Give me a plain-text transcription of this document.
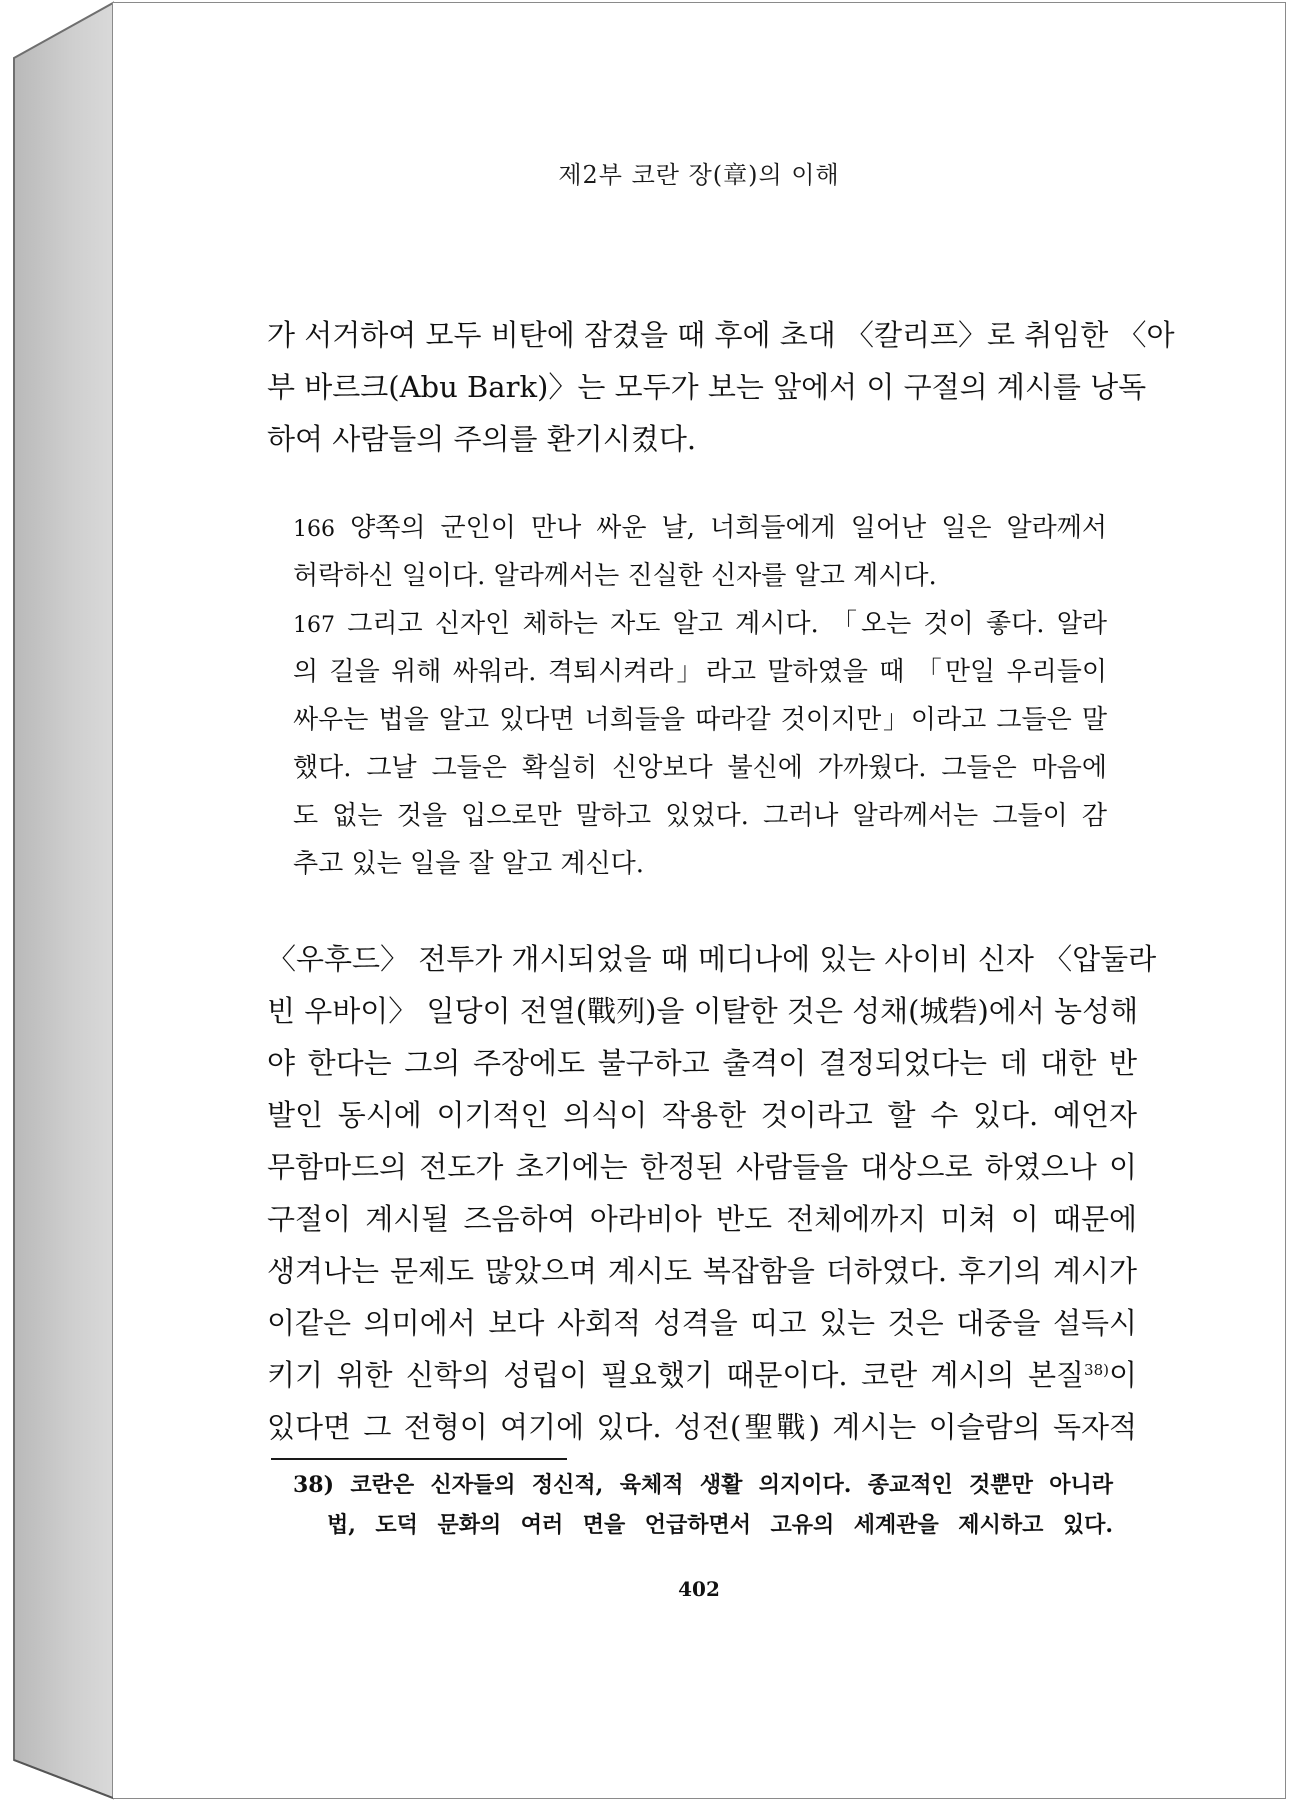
제2부 코란 장(章)의 이해
가 서거하여 모두 비탄에 잠겼을 때 후에 초대 〈칼리프〉로 취임한 〈아
부 바르크(Abu Bark)〉는 모두가 보는 앞에서 이 구절의 계시를 낭독
하여 사람들의 주의를 환기시켰다.
166 양쪽의 군인이 만나 싸운 날, 너희들에게 일어난 일은 알라께서
허락하신 일이다. 알라께서는 진실한 신자를 알고 계시다.
167 그리고 신자인 체하는 자도 알고 계시다. 「오는 것이 좋다. 알라
의 길을 위해 싸워라. 격퇴시켜라」라고 말하였을 때 「만일 우리들이
싸우는 법을 알고 있다면 너희들을 따라갈 것이지만」이라고 그들은 말
했다. 그날 그들은 확실히 신앙보다 불신에 가까웠다. 그들은 마음에
도 없는 것을 입으로만 말하고 있었다. 그러나 알라께서는 그들이 감
추고 있는 일을 잘 알고 계신다.
〈우후드〉 전투가 개시되었을 때 메디나에 있는 사이비 신자 〈압둘라
빈 우바이〉 일당이 전열(戰列)을 이탈한 것은 성채(城砦)에서 농성해
야 한다는 그의 주장에도 불구하고 출격이 결정되었다는 데 대한 반
발인 동시에 이기적인 의식이 작용한 것이라고 할 수 있다. 예언자
무함마드의 전도가 초기에는 한정된 사람들을 대상으로 하였으나 이
구절이 계시될 즈음하여 아라비아 반도 전체에까지 미쳐 이 때문에
생겨나는 문제도 많았으며 계시도 복잡함을 더하였다. 후기의 계시가
이같은 의미에서 보다 사회적 성격을 띠고 있는 것은 대중을 설득시
키기 위한 신학의 성립이 필요했기 때문이다. 코란 계시의 본질$^{38)}$이
있다면 그 전형이 여기에 있다. 성전(聖戰) 계시는 이슬람의 독자적
38) 코란은 신자들의 정신적, 육체적 생활 의지이다. 종교적인 것뿐만 아니라
법, 도덕 문화의 여러 면을 언급하면서 고유의 세계관을 제시하고 있다.
402
